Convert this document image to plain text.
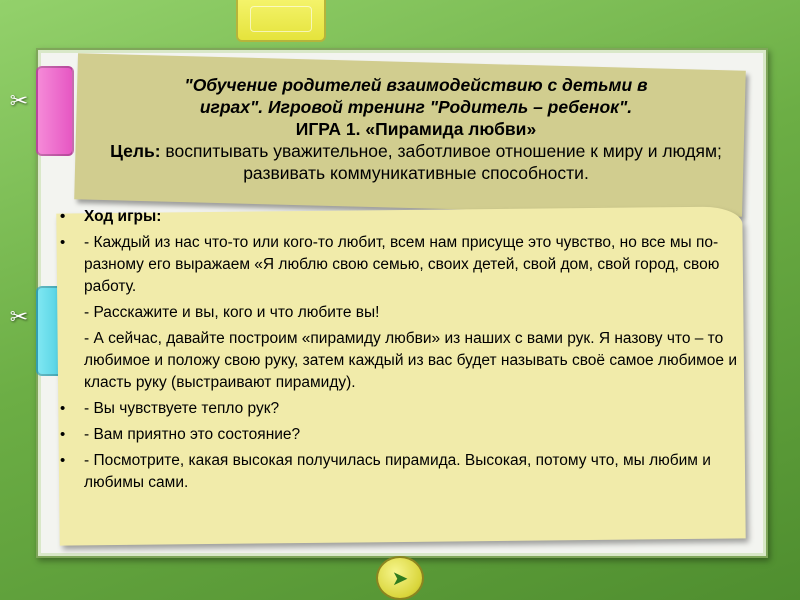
✂
✂
"Обучение родителей взаимодействию с детьми в
играх". Игровой тренинг "Родитель – ребенок".
ИГРА 1. «Пирамида любви»
Цель: воспитывать уважительное, заботливое отношение к миру и людям; развивать коммуникативные способности.
• Ход игры:
• - Каждый из нас что-то или кого-то любит, всем нам присуще это чувство, но все мы по-разному его выражаем «Я люблю свою семью, своих детей, свой дом, свой город, свою работу.
- Расскажите и вы, кого и что любите вы!
- А сейчас, давайте построим «пирамиду любви» из наших с вами рук. Я назову что – то любимое и положу свою руку, затем каждый из вас будет называть своё самое любимое и класть руку (выстраивают пирамиду).
• - Вы чувствуете тепло рук?
• - Вам приятно это состояние?
• - Посмотрите, какая высокая получилась пирамида. Высокая, потому что, мы любим и любимы сами.
➤
